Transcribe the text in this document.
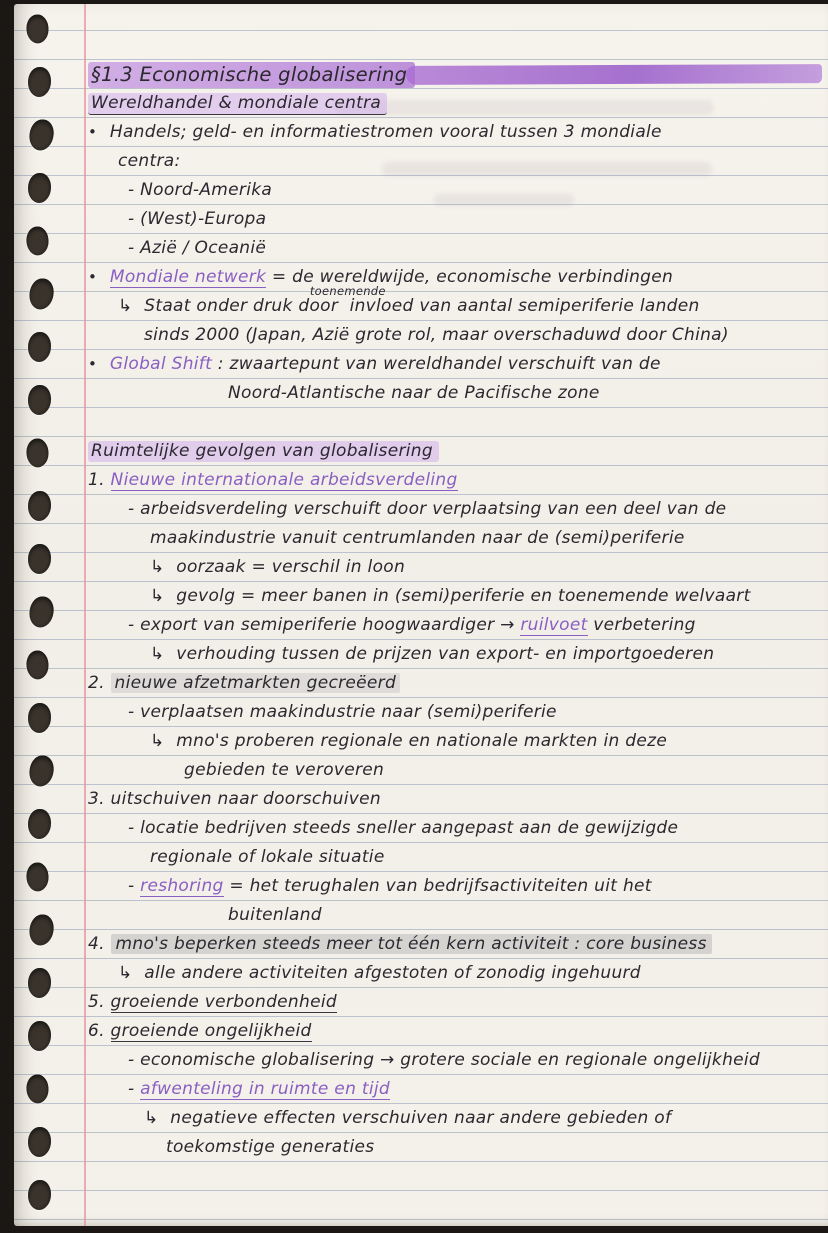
§1.3 Economische globalisering
Wereldhandel & mondiale centra
• Handels; geld- en informatiestromen vooral tussen 3 mondiale
centra:
- Noord-Amerika
- (West)-Europa
- Azië / Oceanië
• Mondiale netwerk = de wereldwijde, economische verbindingen
↳ Staat onder druk door
toenemende
invloed van aantal semiperiferie landen
sinds 2000 (Japan, Azië grote rol, maar overschaduwd door China)
• Global Shift : zwaartepunt van wereldhandel verschuift van de
Noord-Atlantische naar de Pacifische zone
Ruimtelijke gevolgen van globalisering
1. Nieuwe internationale arbeidsverdeling
- arbeidsverdeling verschuift door verplaatsing van een deel van de
maakindustrie vanuit centrumlanden naar de (semi)periferie
↳ oorzaak = verschil in loon
↳ gevolg = meer banen in (semi)periferie en toenemende welvaart
- export van semiperiferie hoogwaardiger → ruilvoet verbetering
↳ verhouding tussen de prijzen van export- en importgoederen
2. nieuwe afzetmarkten gecreëerd
- verplaatsen maakindustrie naar (semi)periferie
↳ mno's proberen regionale en nationale markten in deze
gebieden te veroveren
3. uitschuiven naar doorschuiven
- locatie bedrijven steeds sneller aangepast aan de gewijzigde
regionale of lokale situatie
- reshoring = het terughalen van bedrijfsactiviteiten uit het
buitenland
4. mno's beperken steeds meer tot één kern activiteit : core business
↳ alle andere activiteiten afgestoten of zonodig ingehuurd
5. groeiende verbondenheid
6. groeiende ongelijkheid
- economische globalisering → grotere sociale en regionale ongelijkheid
- afwenteling in ruimte en tijd
↳ negatieve effecten verschuiven naar andere gebieden of
toekomstige generaties
